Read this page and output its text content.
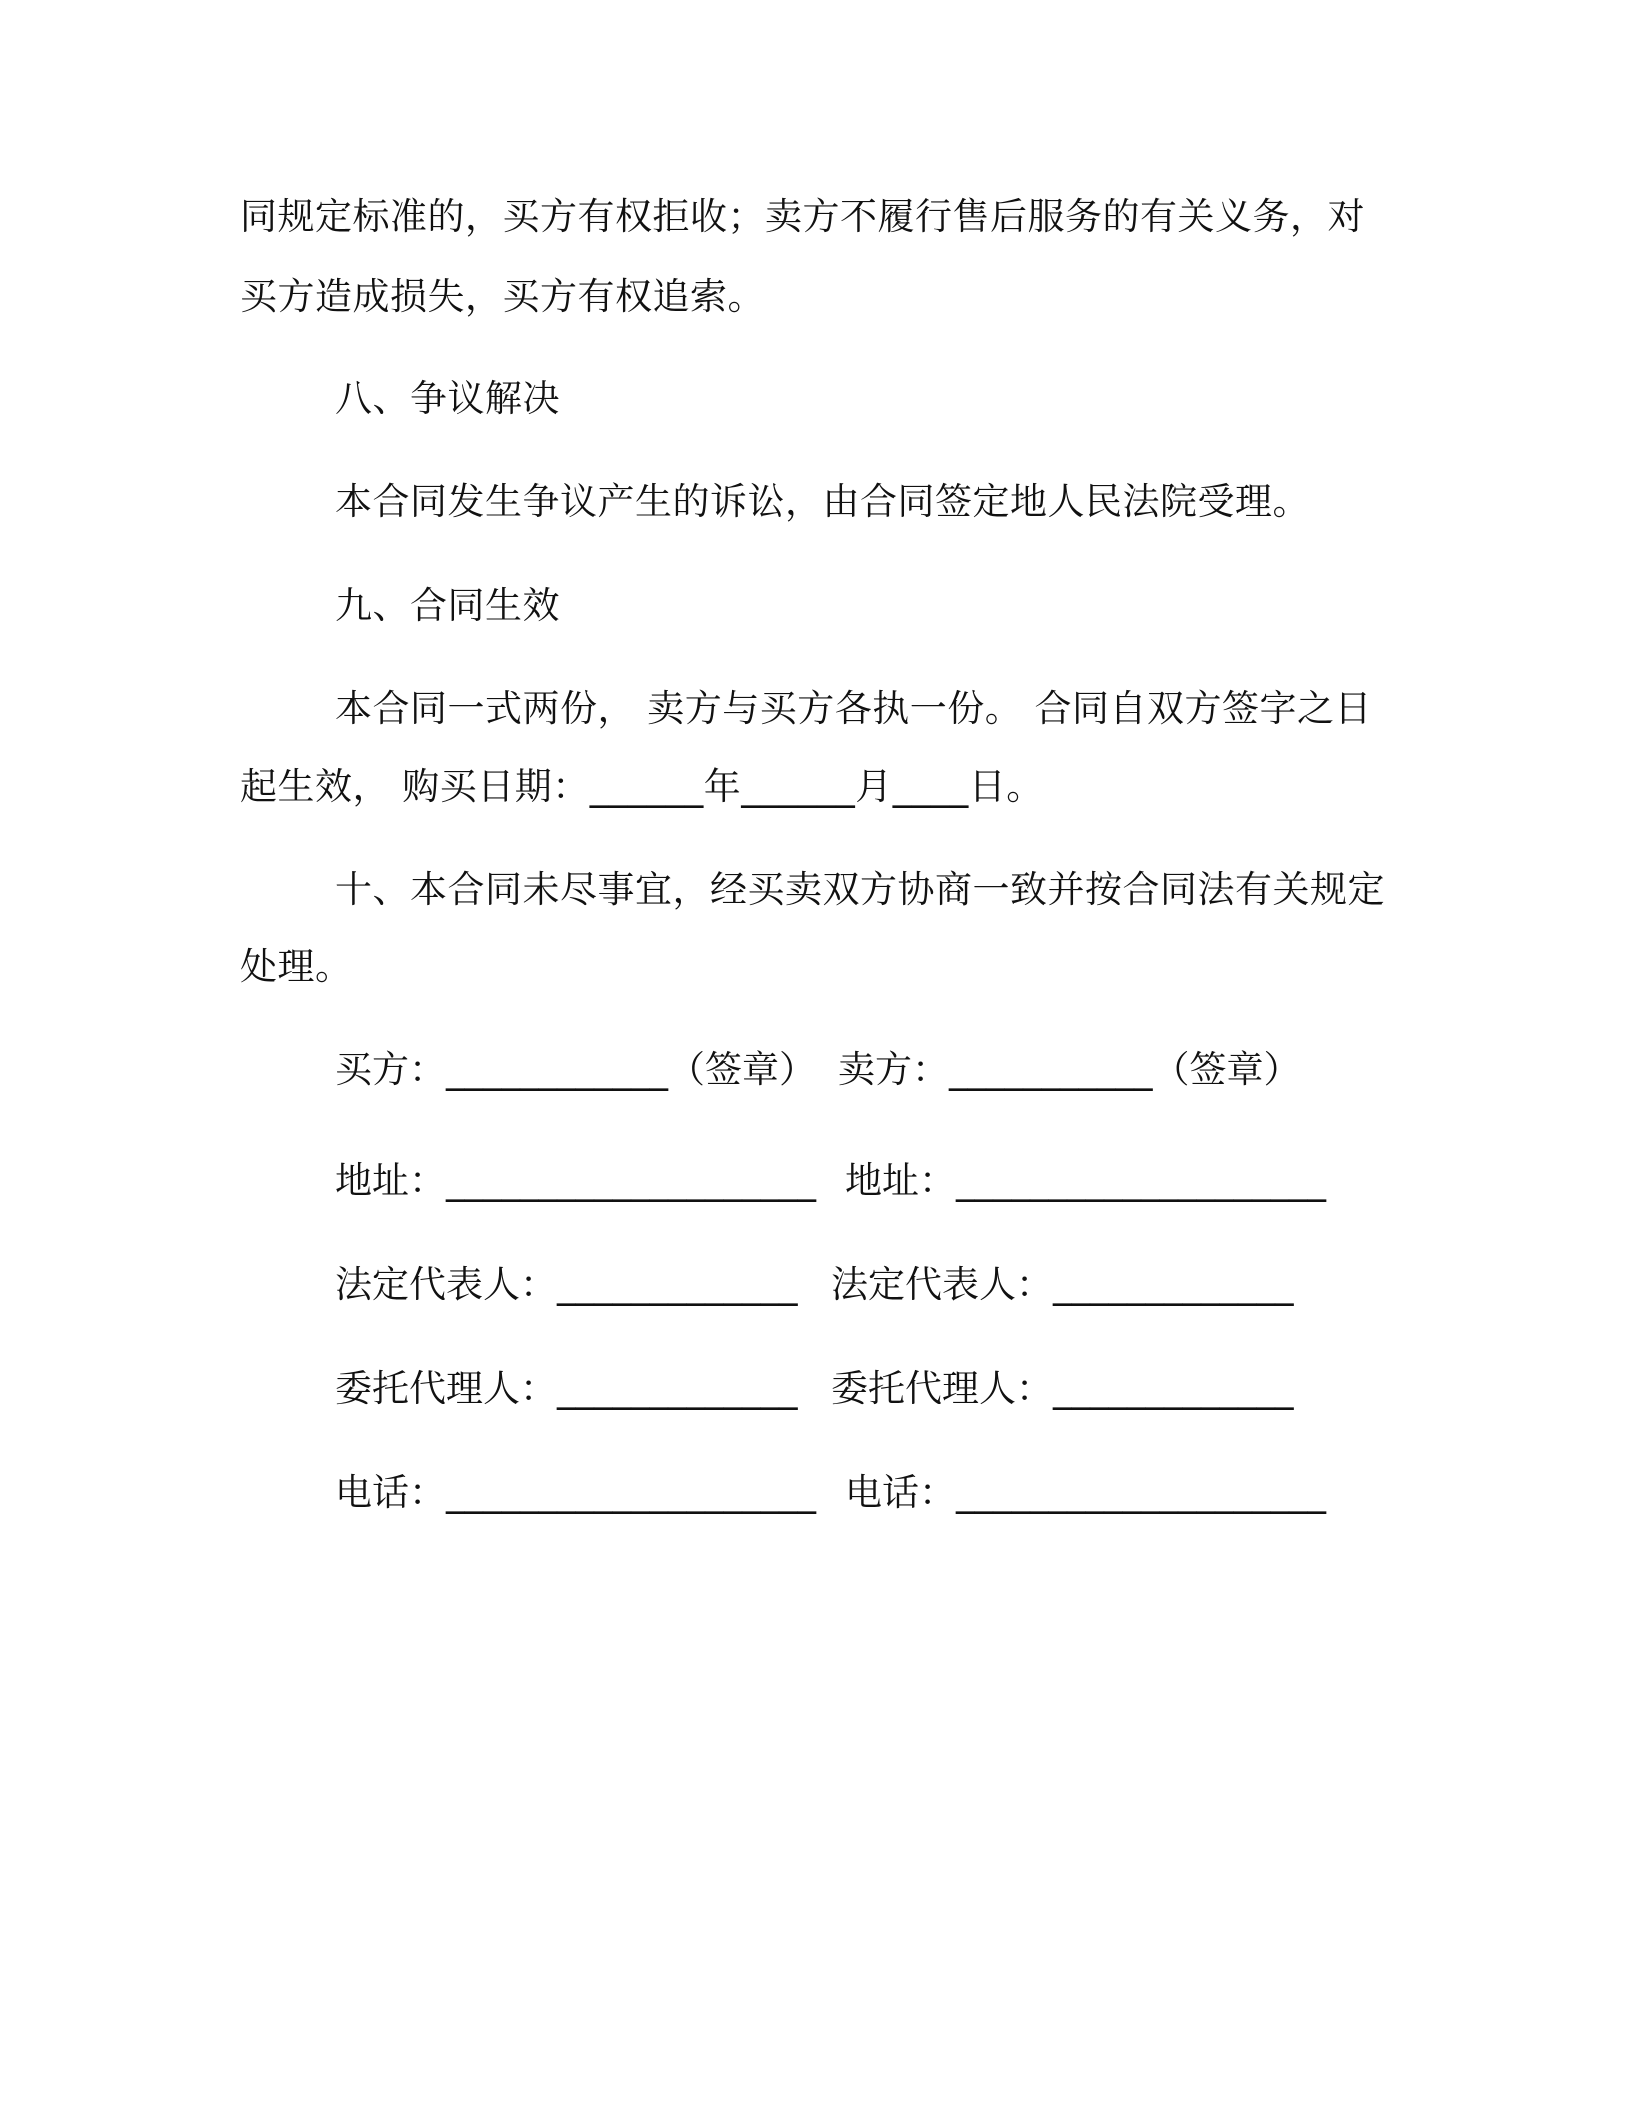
同规定标准的，买方有权拒收；卖方不履行售后服务的有关义务，对
买方造成损失，买方有权追索。
八、争议解决
本合同发生争议产生的诉讼，由合同签定地人民法院受理。
九、合同生效
本合同一式两份， 卖方与买方各执一份。 合同自双方签字之日
起生效， 购买日期：______年______月____日。
十、本合同未尽事宜，经买卖双方协商一致并按合同法有关规定
处理。

买方：____________（签章）

卖方：___________（签章）

地址：____________________

地址：____________________

法定代表人：_____________

法定代表人：_____________

委托代理人：_____________

委托代理人：_____________

电话：____________________

电话：____________________
